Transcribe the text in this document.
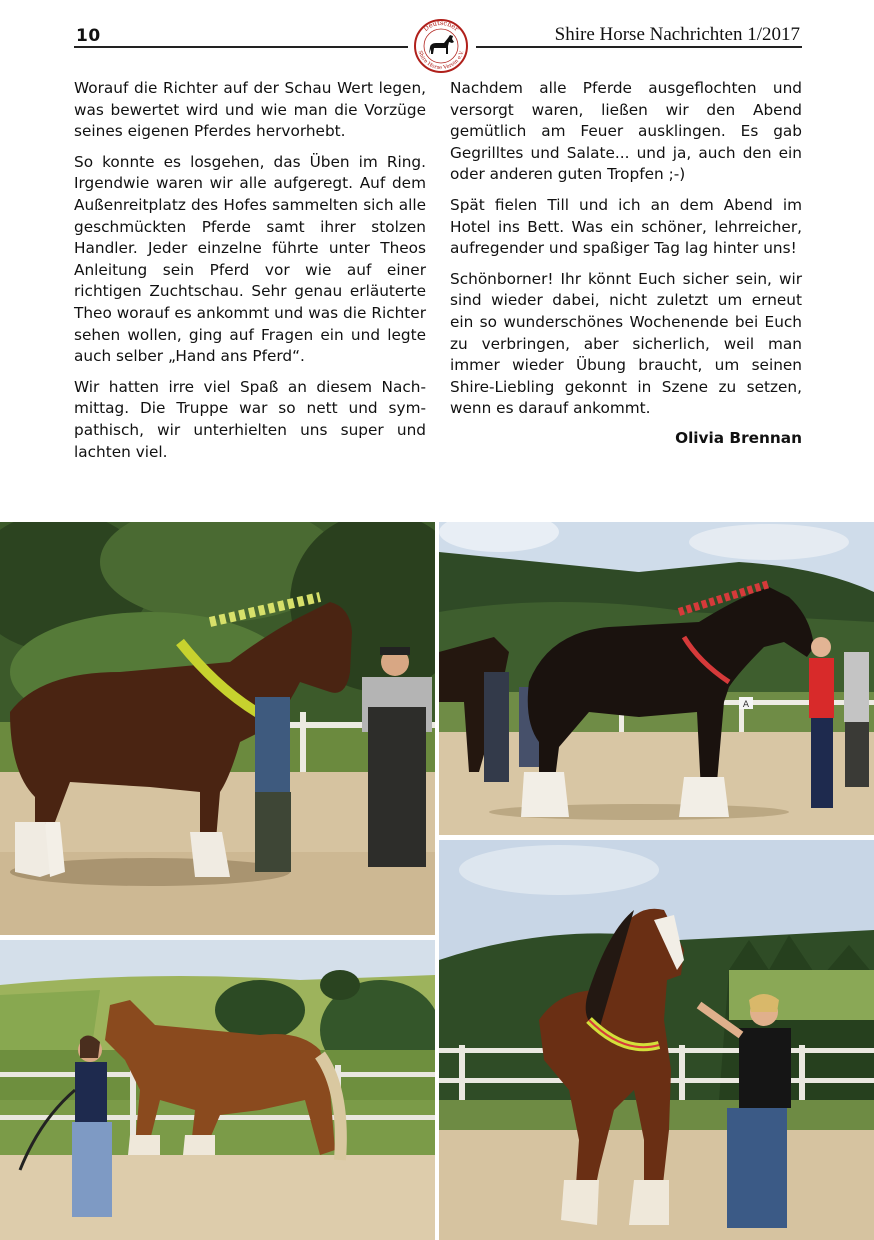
10	Shire Horse Nachrichten 1/2017
Deutscher
Shire Horse Verein e.V.

Worauf die Richter auf der Schau Wert legen, was bewertet wird und wie man die Vorzüge seines eigenen Pferdes hervorhebt.

So konnte es losgehen, das Üben im Ring. Irgendwie waren wir alle aufgeregt. Auf dem Außenreitplatz des Hofes sammelten sich alle geschmückten Pferde samt ihrer stolzen Handler. Jeder einzelne führte unter Theos Anleitung sein Pferd vor wie auf einer richtigen Zuchtschau. Sehr genau erläuterte Theo worauf es ankommt und was die Richter sehen wollen, ging auf Fragen ein und legte auch selber „Hand ans Pferd“.

Wir hatten irre viel Spaß an diesem Nachmittag. Die Truppe war so nett und sympathisch, wir unterhielten uns super und lachten viel.

Nachdem alle Pferde ausgeflochten und versorgt waren, ließen wir den Abend gemütlich am Feuer ausklingen. Es gab Gegrilltes und Salate... und ja, auch den ein oder anderen guten Tropfen ;-)

Spät fielen Till und ich an dem Abend im Hotel ins Bett. Was ein schöner, lehrreicher, aufregender und spaßiger Tag lag hinter uns!

Schönborner! Ihr könnt Euch sicher sein, wir sind wieder dabei, nicht zuletzt um erneut ein so wunderschönes Wochenende bei Euch zu verbringen, aber sicherlich, weil man immer wieder Übung braucht, um seinen Shire-Liebling gekonnt in Szene zu setzen, wenn es darauf ankommt.

Olivia Brennan
A
